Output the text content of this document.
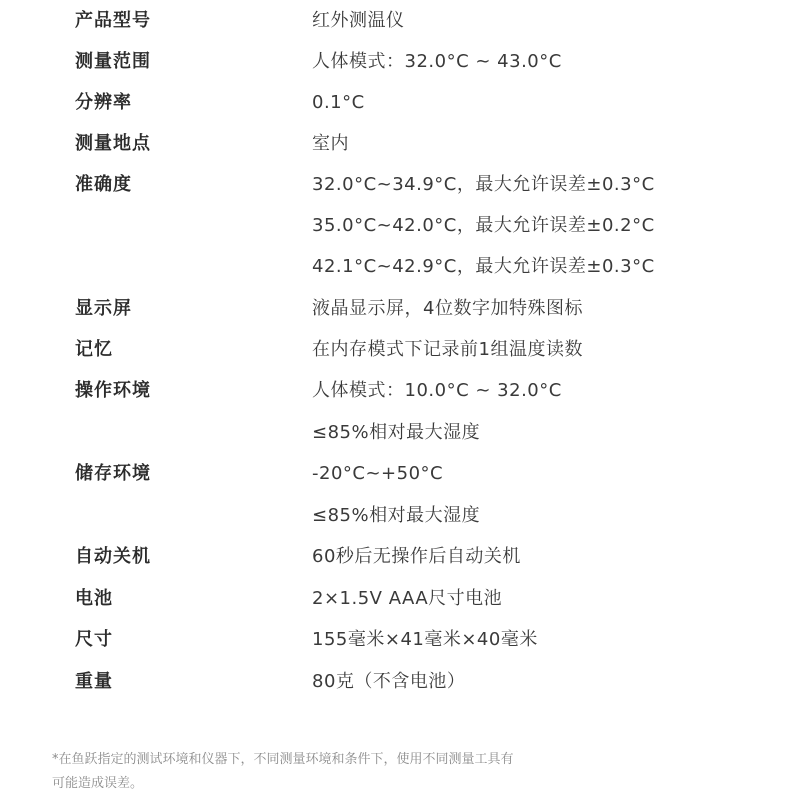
产品型号	红外测温仪
测量范围	人体模式：32.0°C ~ 43.0°C
分辨率	0.1°C
测量地点	室内
准确度	32.0°C~34.9°C，最大允许误差±0.3°C
35.0°C~42.0°C，最大允许误差±0.2°C
42.1°C~42.9°C，最大允许误差±0.3°C
显示屏	液晶显示屏，4位数字加特殊图标
记忆	在内存模式下记录前1组温度读数
操作环境	人体模式：10.0°C ~ 32.0°C
≤85%相对最大湿度
储存环境	-20°C~+50°C
≤85%相对最大湿度
自动关机	60秒后无操作后自动关机
电池	2×1.5V AAA尺寸电池
尺寸	155毫米×41毫米×40毫米
重量	80克（不含电池）
*在鱼跃指定的测试环境和仪器下，不同测量环境和条件下，使用不同测量工具有
可能造成误差。
